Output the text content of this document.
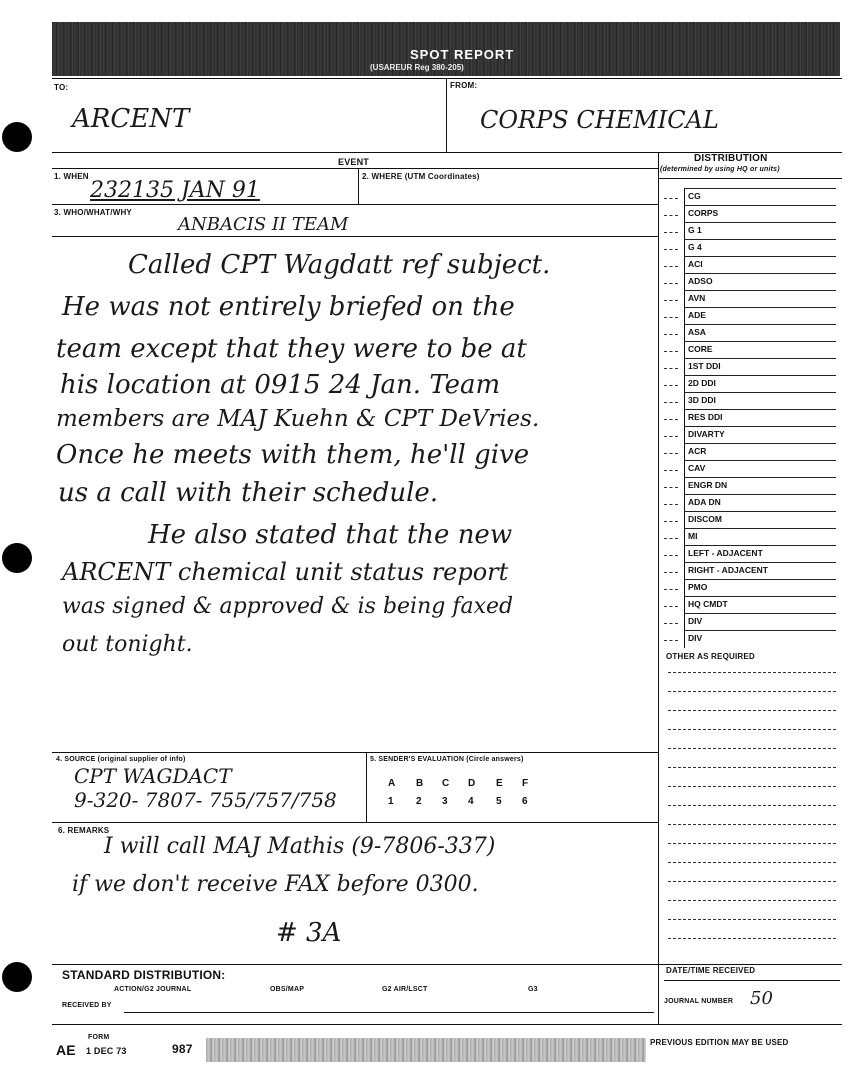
SPOT REPORT
(USAREUR Reg 380-205)
TO:
ARCENT
FROM:
CORPS CHEMICAL
EVENT
1. WHEN	2. WHERE (UTM Coordinates)
232135 JAN 91
3. WHO/WHAT/WHY
ANBACIS II TEAM
Called CPT Wagdatt ref subject.
He was not entirely briefed on the
team except that they were to be at
his location at 0915 24 Jan. Team
members are MAJ Kuehn & CPT DeVries.
Once he meets with them, he'll give
us a call with their schedule.
He also stated that the new
ARCENT chemical unit status report
was signed & approved & is being faxed
out tonight.
DISTRIBUTION
(determined by using HQ or units)
CG
CORPS
G 1
G 4
ACI
ADSO
AVN
ADE
ASA
CORE
1ST DDI
2D DDI
3D DDI
RES DDI
DIVARTY
ACR
CAV
ENGR DN
ADA DN
DISCOM
MI
LEFT - ADJACENT
RIGHT - ADJACENT
PMO
HQ CMDT
DIV
DIV
OTHER AS REQUIRED
4. SOURCE (original supplier of info)
CPT WAGDACT
9-320- 7807- 755/757/758
5. SENDER'S EVALUATION (Circle answers)
A B C D E F
1 2 3 4 5 6
6. REMARKS
I will call MAJ Mathis (9-7806-337)
if we don't receive FAX before 0300.
# 3A
STANDARD DISTRIBUTION:
ACTION/G2 JOURNAL	OBS/MAP	G2 AIR/LSCT	G3
RECEIVED BY
DATE/TIME RECEIVED
JOURNAL NUMBER 50
FORM
AE 1 DEC 73	987	PREVIOUS EDITION MAY BE USED
